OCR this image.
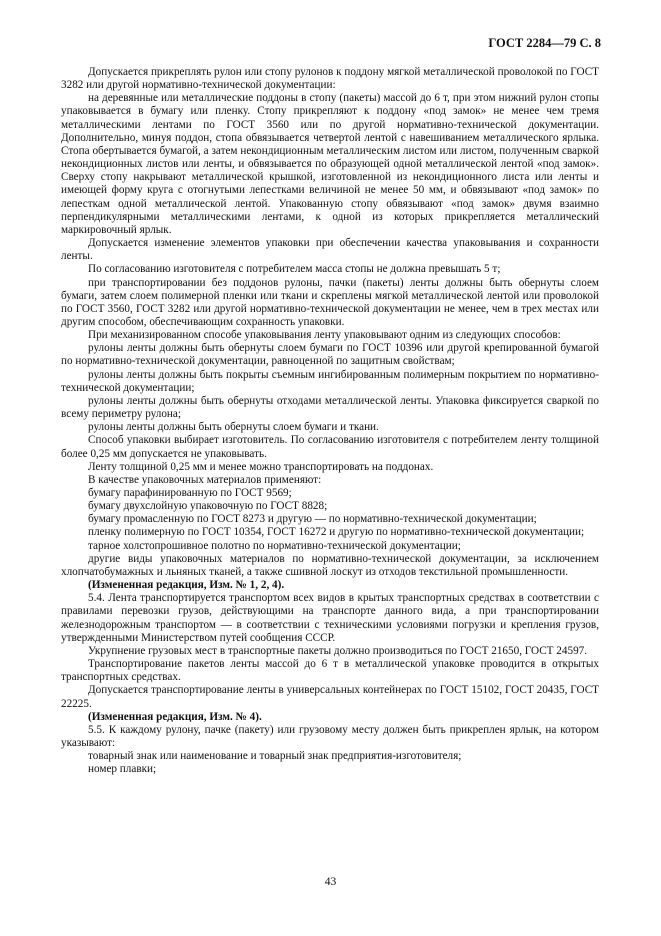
ГОСТ 2284—79 С. 8

Допускается прикреплять рулон или стопу рулонов к поддону мягкой металлической проволокой по ГОСТ 3282 или другой нормативно-технической документации:

на деревянные или металлические поддоны в стопу (пакеты) массой до 6 т, при этом нижний рулон стопы упаковывается в бумагу или пленку. Стопу прикрепляют к поддону «под замок» не менее чем тремя металлическими лентами по ГОСТ 3560 или по другой нормативно-технической документации. Дополнительно, минуя поддон, стопа обвязывается четвертой лентой с навешиванием металлического ярлыка. Стопа обертывается бумагой, а затем некондиционным металлическим листом или листом, полученным сваркой некондиционных листов или ленты, и обвязывается по образующей одной металлической лентой «под замок». Сверху стопу накрывают металлической крышкой, изготовленной из некондиционного листа или ленты и имеющей форму круга с отогнутыми лепестками величиной не менее 50 мм, и обвязывают «под замок» по лепесткам одной металлической лентой. Упакованную стопу обвязывают «под замок» двумя взаимно перпендикулярными металлическими лентами, к одной из которых прикрепляется металлический маркировочный ярлык.

Допускается изменение элементов упаковки при обеспечении качества упаковывания и сохранности ленты.

По согласованию изготовителя с потребителем масса стопы не должна превышать 5 т;

при транспортировании без поддонов рулоны, пачки (пакеты) ленты должны быть обернуты слоем бумаги, затем слоем полимерной пленки или ткани и скреплены мягкой металлической лентой или проволокой по ГОСТ 3560, ГОСТ 3282 или другой нормативно-технической документации не менее, чем в трех местах или другим способом, обеспечивающим сохранность упаковки.

При механизированном способе упаковывания ленту упаковывают одним из следующих способов:

рулоны ленты должны быть обернуты слоем бумаги по ГОСТ 10396 или другой крепированной бумагой по нормативно-технической документации, равноценной по защитным свойствам;

рулоны ленты должны быть покрыты съемным ингибированным полимерным покрытием по нормативно-технической документации;

рулоны ленты должны быть обернуты отходами металлической ленты. Упаковка фиксируется сваркой по всему периметру рулона;

рулоны ленты должны быть обернуты слоем бумаги и ткани.

Способ упаковки выбирает изготовитель. По согласованию изготовителя с потребителем ленту толщиной более 0,25 мм допускается не упаковывать.

Ленту толщиной 0,25 мм и менее можно транспортировать на поддонах.

В качестве упаковочных материалов применяют:

бумагу парафинированную по ГОСТ 9569;

бумагу двухслойную упаковочную по ГОСТ 8828;

бумагу промасленную по ГОСТ 8273 и другую — по нормативно-технической документации;

пленку полимерную по ГОСТ 10354, ГОСТ 16272 и другую по нормативно-технической документации;

тарное холстопрошивное полотно по нормативно-технической документации;

другие виды упаковочных материалов по нормативно-технической документации, за исключением хлопчатобумажных и льняных тканей, а также сшивной лоскут из отходов текстильной промышленности.

(Измененная редакция, Изм. № 1, 2, 4).

5.4. Лента транспортируется транспортом всех видов в крытых транспортных средствах в соответствии с правилами перевозки грузов, действующими на транспорте данного вида, а при транспортировании железнодорожным транспортом — в соответствии с техническими условиями погрузки и крепления грузов, утвержденными Министерством путей сообщения СССР.

Укрупнение грузовых мест в транспортные пакеты должно производиться по ГОСТ 21650, ГОСТ 24597.

Транспортирование пакетов ленты массой до 6 т в металлической упаковке проводится в открытых транспортных средствах.

Допускается транспортирование ленты в универсальных контейнерах по ГОСТ 15102, ГОСТ 20435, ГОСТ 22225.

(Измененная редакция, Изм. № 4).

5.5. К каждому рулону, пачке (пакету) или грузовому месту должен быть прикреплен ярлык, на котором указывают:

товарный знак или наименование и товарный знак предприятия-изготовителя;

номер плавки;

43
